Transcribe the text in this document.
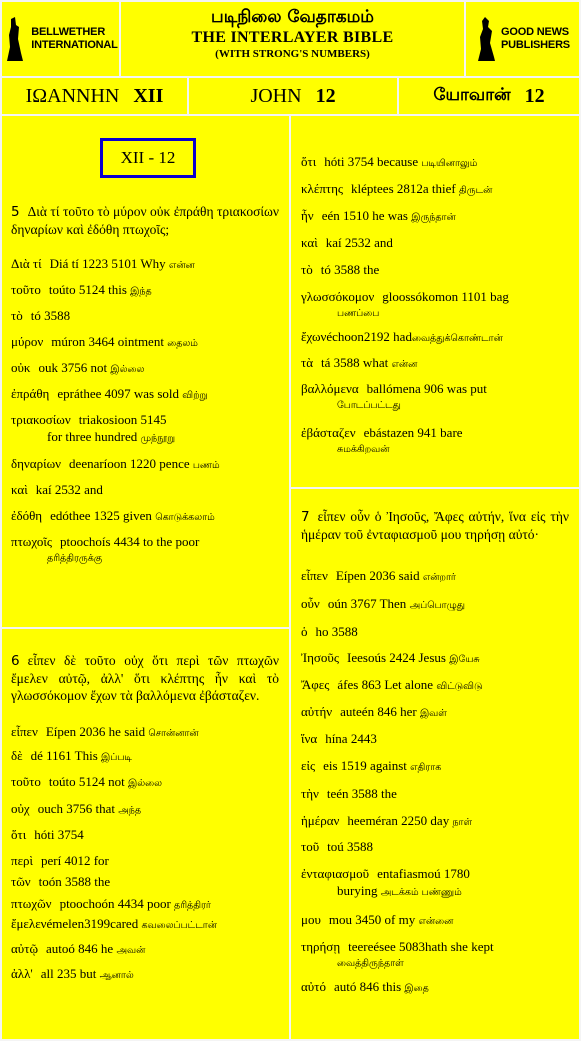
BELLWETHER
INTERNATIONAL
படிநிலை வேதாகமம்
THE INTERLAYER BIBLE
(WITH STRONG'S NUMBERS)
GOOD NEWS
PUBLISHERS
ΙΩΑΝΝΗΝ XII	JOHN 12	யோவான் 12
XII - 12
5 Διὰ τί τοῦτο τὸ μύρον οὐκ ἐπράθη τριακοσίων δηναρίων καὶ ἐδόθη πτωχοῖς;
Διὰ τί Diá tí 1223 5101 Why என்ன
τοῦτο toúto 5124 this இந்த
τὸ tó 3588
μύρον múron 3464 ointment தைலம்
οὐκ ouk 3756 not இல்லை
ἐπράθη epráthee 4097 was sold விற்று
τριακοσίων triakosioon 5145
for three hundred முந்நூறு
δηναρίων deenaríoon 1220 pence பணம்
καὶ kaí 2532 and
ἐδόθη edóthee 1325 given கொடுக்கலாம்
πτωχοῖς ptoochoís 4434 to the poor
தரித்திரருக்கு
6 εἶπεν δὲ τοῦτο οὐχ ὅτι περὶ τῶν πτωχῶν ἔμελεν αὐτῷ, ἀλλ' ὅτι κλέπτης ἦν καὶ τὸ γλωσσόκομον ἔχων τὰ βαλλόμενα ἐβάσταζεν.
εἶπεν Eípen 2036 he said சொன்னான்
δὲ dé 1161 This இப்படி
τοῦτο toúto 5124 not இல்லை
οὐχ ouch 3756 that அந்த
ὅτι hóti 3754
περὶ perí 4012 for
τῶν toón 3588 the
πτωχῶν ptoochoón 4434 poor தரித்திரர்
ἔμελενémelen3199cared கவலைப்பட்டான்
αὐτῷ autoó 846 he அவன்
ἀλλ' all 235 but ஆனால்
ὅτι hóti 3754 because படியினாலும்
κλέπτης kléptees 2812a thief திருடன்
ἦν eén 1510 he was இருந்தான்
καὶ kaí 2532 and
τὸ tó 3588 the
γλωσσόκομον gloossókomon 1101 bag
பணப்பை
ἔχωνéchoon2192 hadவைத்துக்கொண்டான்
τὰ tá 3588 what என்ன
βαλλόμενα ballómena 906 was put
போடப்பட்டது
ἐβάσταζεν ebástazen 941 bare
சுமக்கிறவன்
7 εἶπεν οὖν ὁ Ἰησοῦς, Ἄφες αὐτήν, ἵνα εἰς τὴν ἡμέραν τοῦ ἐνταφιασμοῦ μου τηρήσῃ αὐτό·
εἶπεν Eípen 2036 said என்றார்
οὖν oún 3767 Then அப்பொழுது
ὁ ho 3588
Ἰησοῦς Ieesoús 2424 Jesus இயேசு
Ἄφες áfes 863 Let alone விட்டுவிடு
αὐτήν auteén 846 her இவள்
ἵνα hína 2443
εἰς eis 1519 against எதிராக
τὴν teén 3588 the
ἡμέραν heeméran 2250 day நாள்
τοῦ toú 3588
ἐνταφιασμοῦ entafiasmoú 1780
burying அடக்கம் பண்ணும்
μου mou 3450 of my என்னை
τηρήσῃ teereésee 5083hath she kept
வைத்திருந்தாள்
αὐτό autó 846 this இதை
